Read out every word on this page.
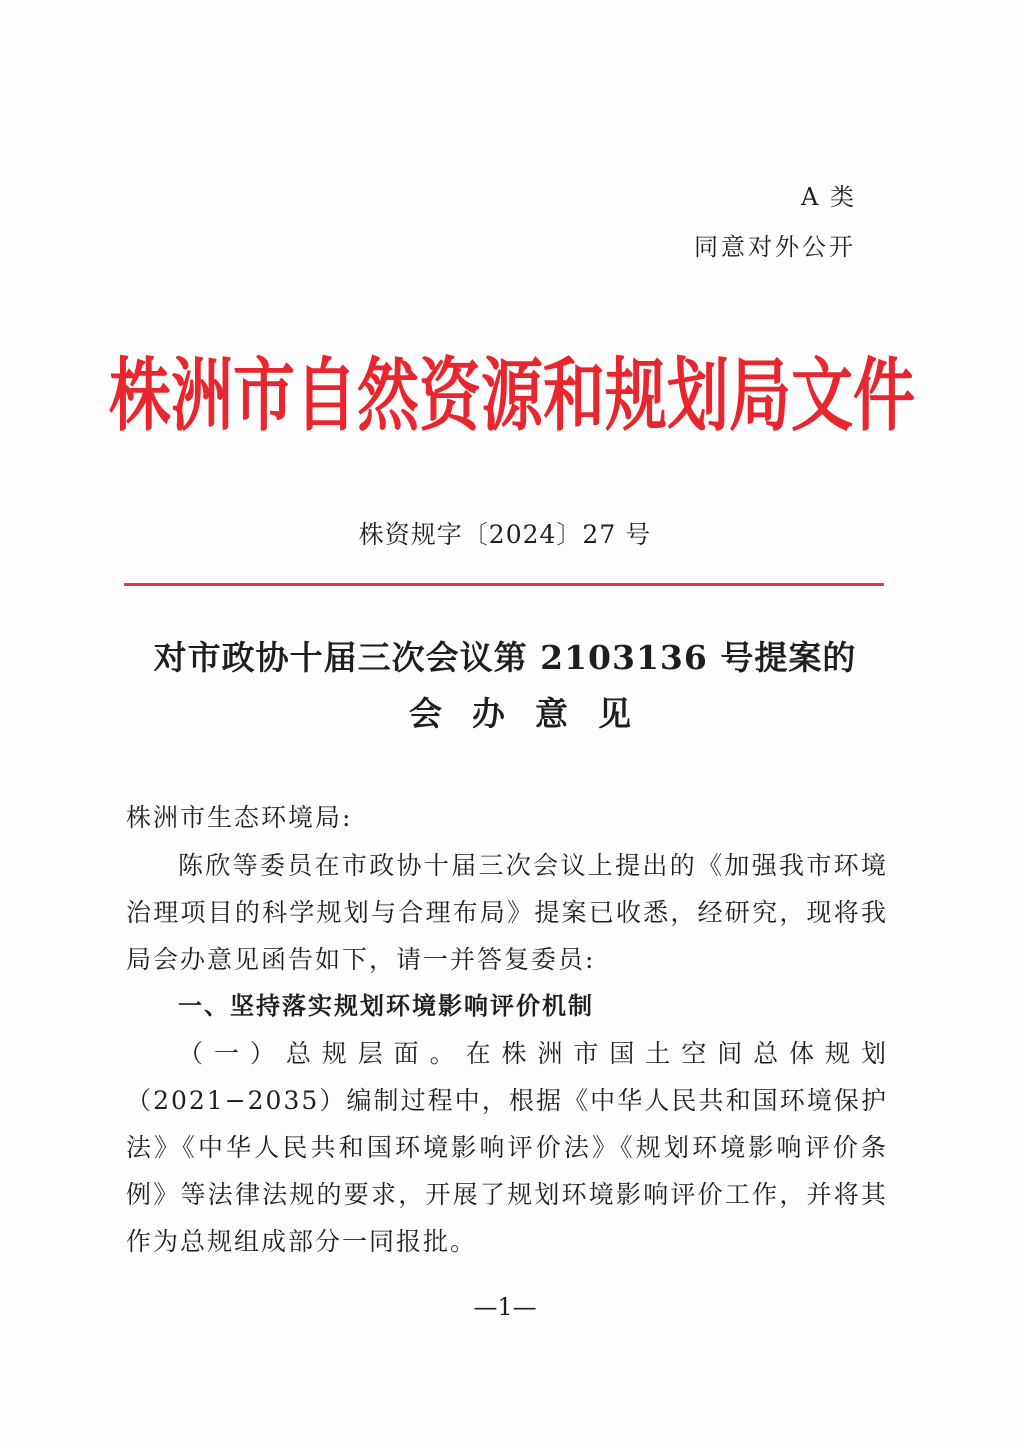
A 类
同意对外公开
株洲市自然资源和规划局文件
株资规字〔2024〕27 号
对市政协十届三次会议第 2103136 号提案的
会办意见

株洲市生态环境局:

陈欣等委员在市政协十届三次会议上提出的《加强我市环境治理项目的科学规划与合理布局》提案已收悉，经研究，现将我局会办意见函告如下，请一并答复委员:

一、坚持落实规划环境影响评价机制

（一）总规层面。在株洲市国土空间总体规划（2021−2035）编制过程中，根据《中华人民共和国环境保护法》《中华人民共和国环境影响评价法》《规划环境影响评价条例》等法律法规的要求，开展了规划环境影响评价工作，并将其作为总规组成部分一同报批。

—1—
